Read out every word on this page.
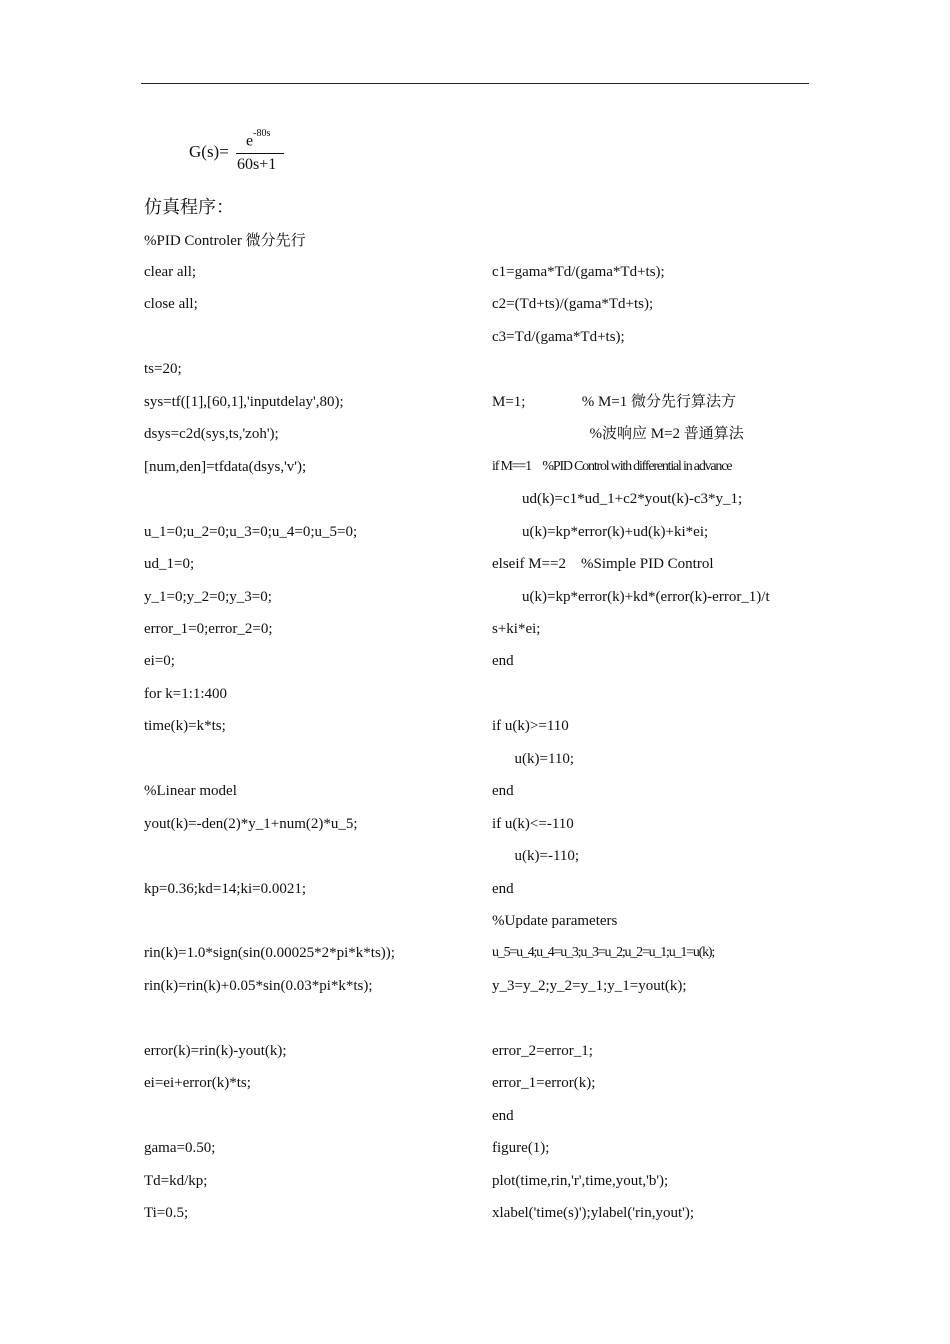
G(s)=
$e^{-80s}$
60s+1
仿真程序：
%PID Controler 微分先行
clear all;
close all;
ts=20;
sys=tf([1],[60,1],'inputdelay',80);
dsys=c2d(sys,ts,'zoh');
[num,den]=tfdata(dsys,'v');
u_1=0;u_2=0;u_3=0;u_4=0;u_5=0;
ud_1=0;
y_1=0;y_2=0;y_3=0;
error_1=0;error_2=0;
ei=0;
for k=1:1:400
time(k)=k*ts;
%Linear model
yout(k)=-den(2)*y_1+num(2)*u_5;
kp=0.36;kd=14;ki=0.0021;
rin(k)=1.0*sign(sin(0.00025*2*pi*k*ts));
rin(k)=rin(k)+0.05*sin(0.03*pi*k*ts);
error(k)=rin(k)-yout(k);
ei=ei+error(k)*ts;
gama=0.50;
Td=kd/kp;
Ti=0.5;
c1=gama*Td/(gama*Td+ts);
c2=(Td+ts)/(gama*Td+ts);
c3=Td/(gama*Td+ts);
M=1;               % M=1 微分先行算法方
%波响应 M=2 普通算法
if M==1     %PID Control with differential in advance
ud(k)=c1*ud_1+c2*yout(k)-c3*y_1;
u(k)=kp*error(k)+ud(k)+ki*ei;
elseif M==2    %Simple PID Control
u(k)=kp*error(k)+kd*(error(k)-error_1)/t
s+ki*ei;
end
if u(k)>=110
u(k)=110;
end
if u(k)<=-110
u(k)=-110;
end
%Update parameters
u_5=u_4;u_4=u_3;u_3=u_2;u_2=u_1;u_1=u(k);
y_3=y_2;y_2=y_1;y_1=yout(k);
error_2=error_1;
error_1=error(k);
end
figure(1);
plot(time,rin,'r',time,yout,'b');
xlabel('time(s)');ylabel('rin,yout');
